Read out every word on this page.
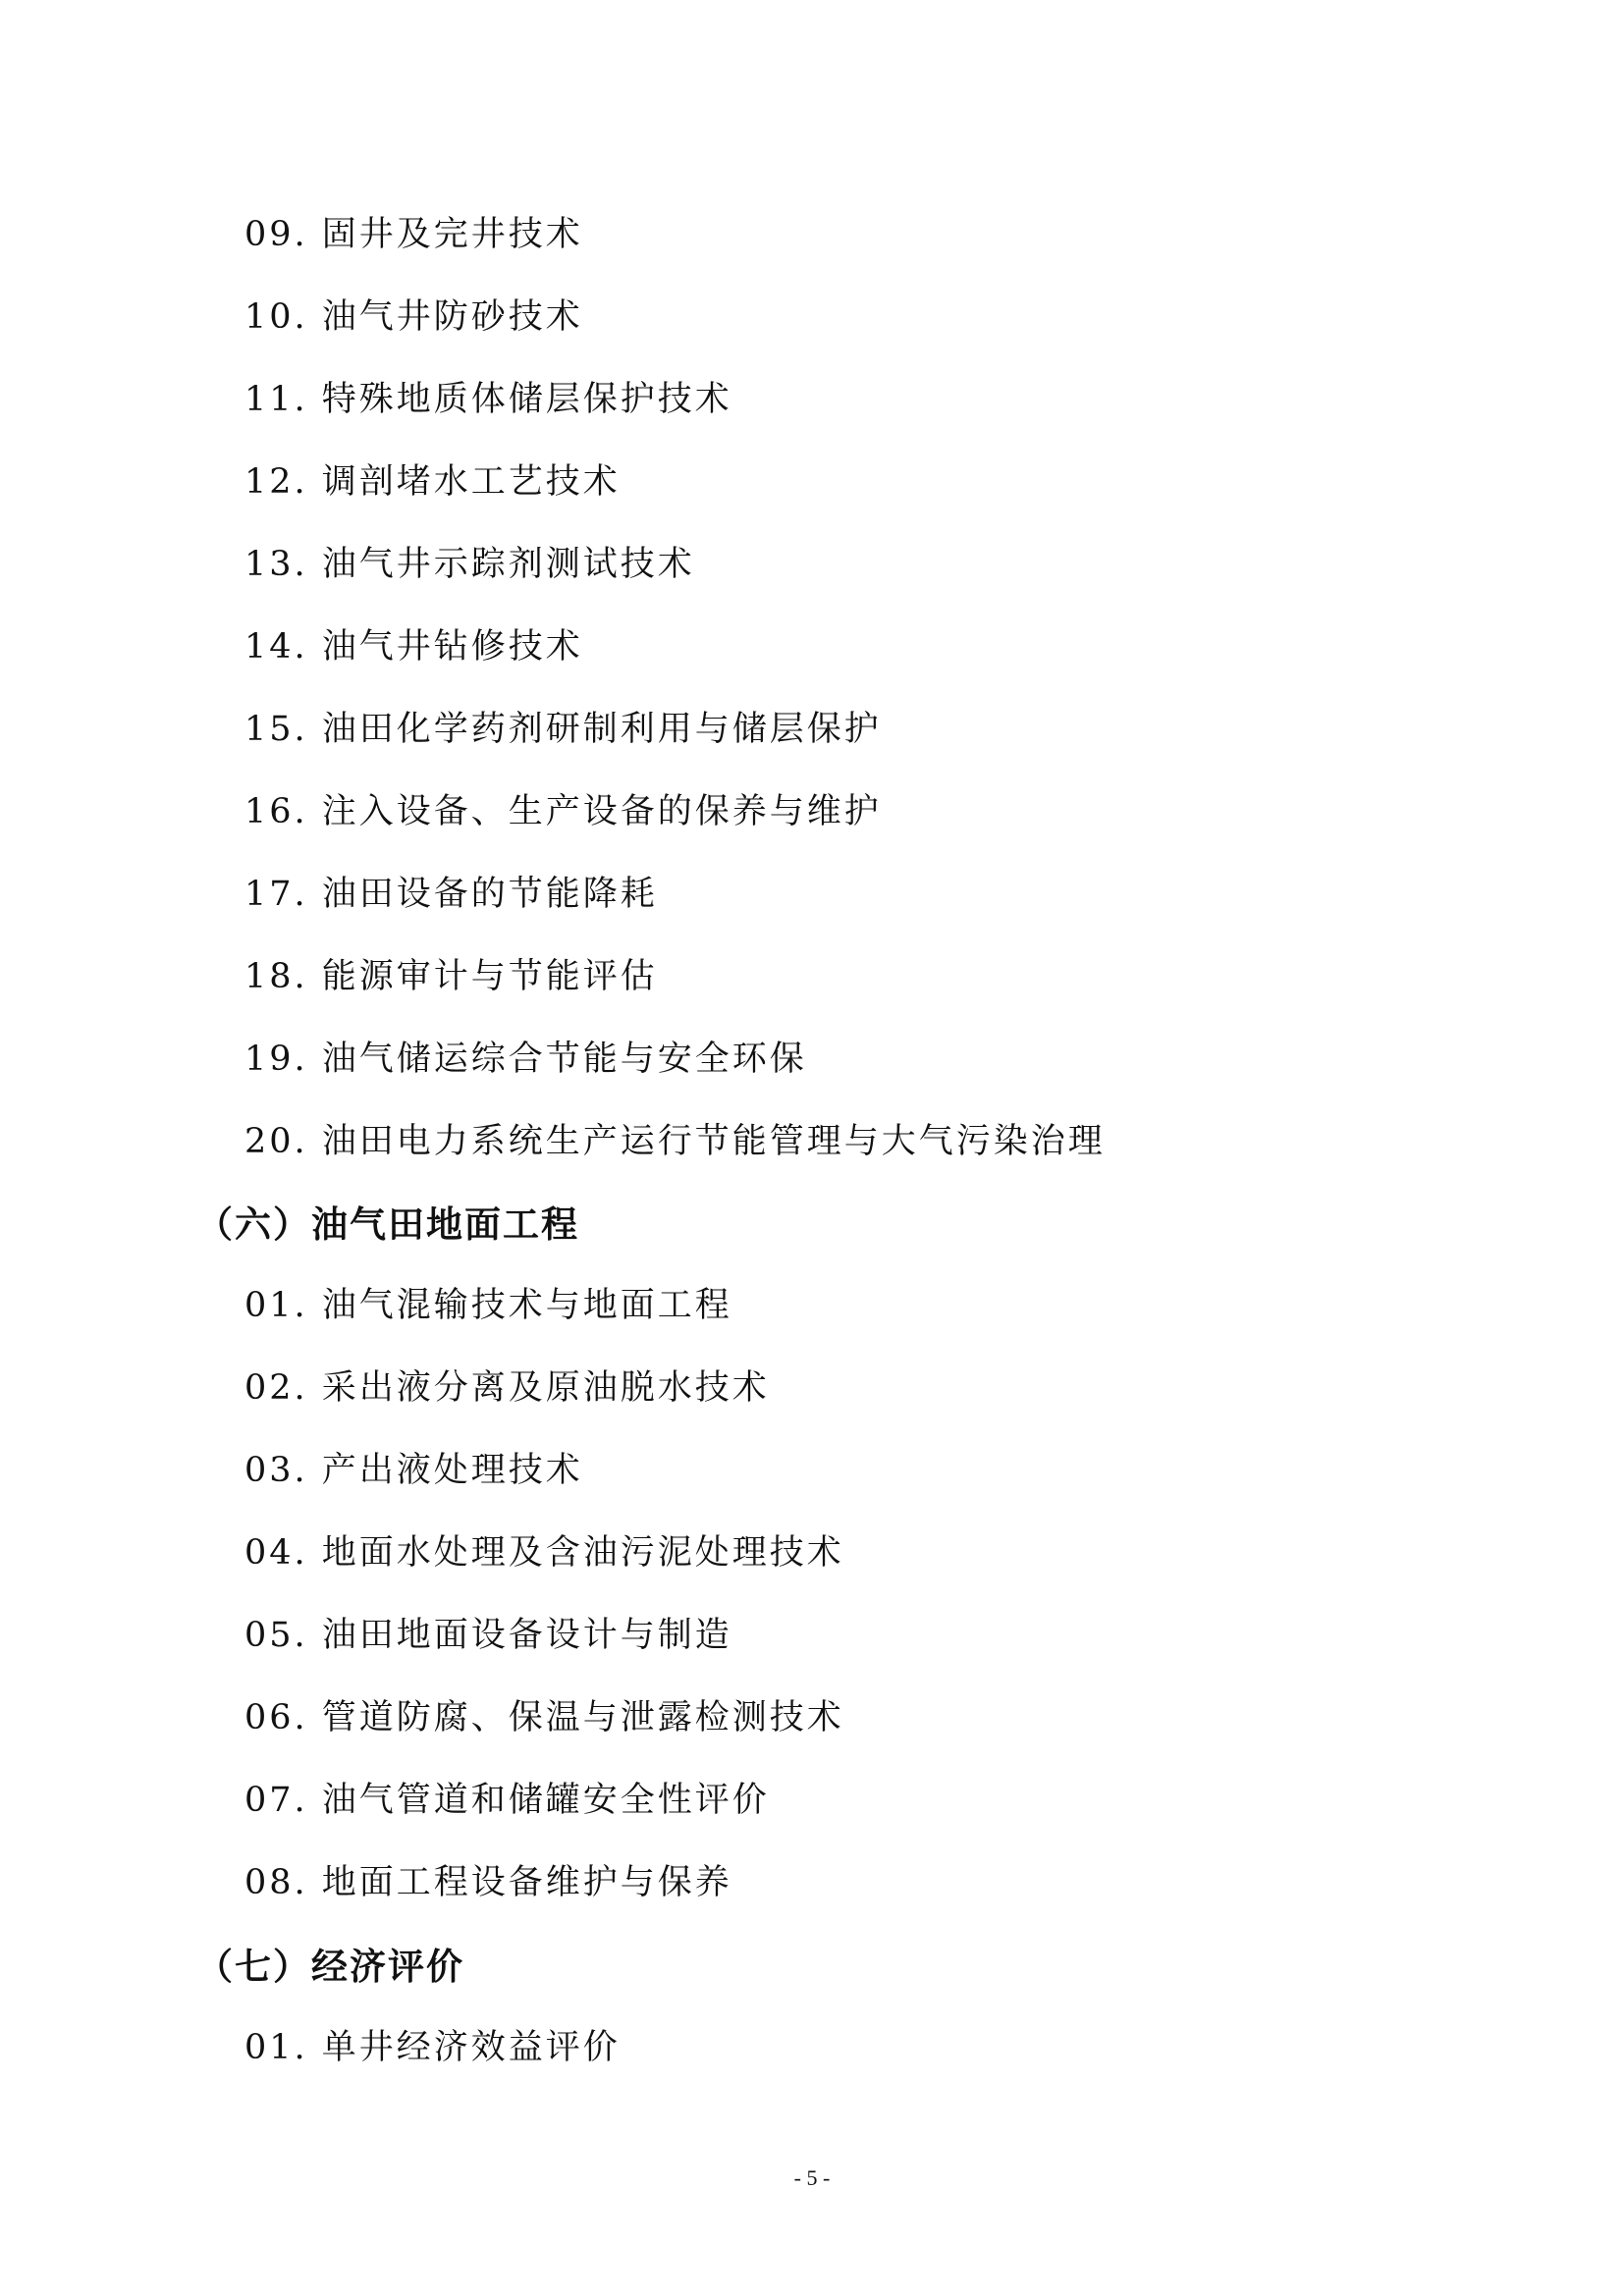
09. 固井及完井技术
10. 油气井防砂技术
11. 特殊地质体储层保护技术
12. 调剖堵水工艺技术
13. 油气井示踪剂测试技术
14. 油气井钻修技术
15. 油田化学药剂研制利用与储层保护
16. 注入设备、生产设备的保养与维护
17. 油田设备的节能降耗
18. 能源审计与节能评估
19. 油气储运综合节能与安全环保
20. 油田电力系统生产运行节能管理与大气污染治理
（六）油气田地面工程
01. 油气混输技术与地面工程
02. 采出液分离及原油脱水技术
03. 产出液处理技术
04. 地面水处理及含油污泥处理技术
05. 油田地面设备设计与制造
06. 管道防腐、保温与泄露检测技术
07. 油气管道和储罐安全性评价
08. 地面工程设备维护与保养
（七）经济评价
01. 单井经济效益评价
- 5 -
